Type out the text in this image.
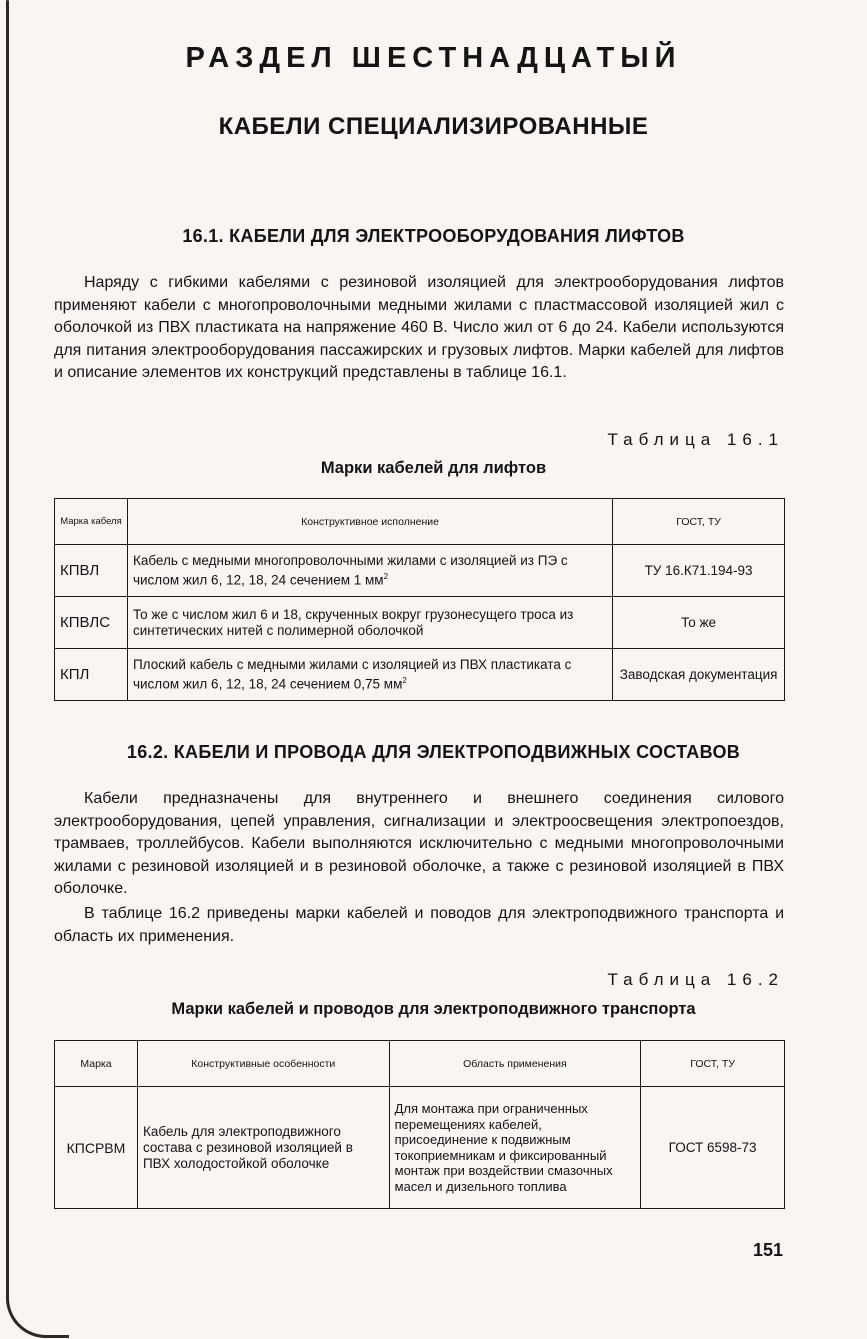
РАЗДЕЛ ШЕСТНАДЦАТЫЙ
КАБЕЛИ СПЕЦИАЛИЗИРОВАННЫЕ
16.1. КАБЕЛИ ДЛЯ ЭЛЕКТРООБОРУДОВАНИЯ ЛИФТОВ

Наряду с гибкими кабелями с резиновой изоляцией для электрооборудования лифтов применяют кабели с многопроволочными медными жилами с пластмассовой изоляцией жил с оболочкой из ПВХ пластиката на напряжение 460 В. Число жил от 6 до 24. Кабели используются для питания электрооборудования пассажирских и грузовых лифтов. Марки кабелей для лифтов и описание элементов их конструкций представлены в таблице 16.1.

Таблица 16.1
Марки кабелей для лифтов
Марка кабеля	Конструктивное исполнение	ГОСТ, ТУ
КПВЛ	Кабель с медными многопроволочными жилами с изоляцией из ПЭ с числом жил 6, 12, 18, 24 сечением 1 $мм^2$	ТУ 16.К71.194-93
КПВЛС	То же с числом жил 6 и 18, скрученных вокруг грузонесущего троса из синтетических нитей с полимерной оболочкой	То же
КПЛ	Плоский кабель с медными жилами с изоляцией из ПВХ пластиката с числом жил 6, 12, 18, 24 сечением 0,75 $мм^2$	Заводская документация
16.2. КАБЕЛИ И ПРОВОДА ДЛЯ ЭЛЕКТРОПОДВИЖНЫХ СОСТАВОВ

Кабели предназначены для внутреннего и внешнего соединения силового электрооборудования, цепей управления, сигнализации и электроосвещения электропоездов, трамваев, троллейбусов. Кабели выполняются исключительно с медными многопроволочными жилами с резиновой изоляцией и в резиновой оболочке, а также с резиновой изоляцией в ПВХ оболочке.

В таблице 16.2 приведены марки кабелей и поводов для электроподвижного транспорта и область их применения.

Таблица 16.2
Марки кабелей и проводов для электроподвижного транспорта
Марка	Конструктивные особенности	Область применения	ГОСТ, ТУ
КПСРВМ	Кабель для электроподвижного состава с резиновой изоляцией в ПВХ холодостойкой оболочке	Для монтажа при ограниченных перемещениях кабелей, присоединение к подвижным токоприемникам и фиксированный монтаж при воздействии смазочных масел и дизельного топлива	ГОСТ 6598-73
151
